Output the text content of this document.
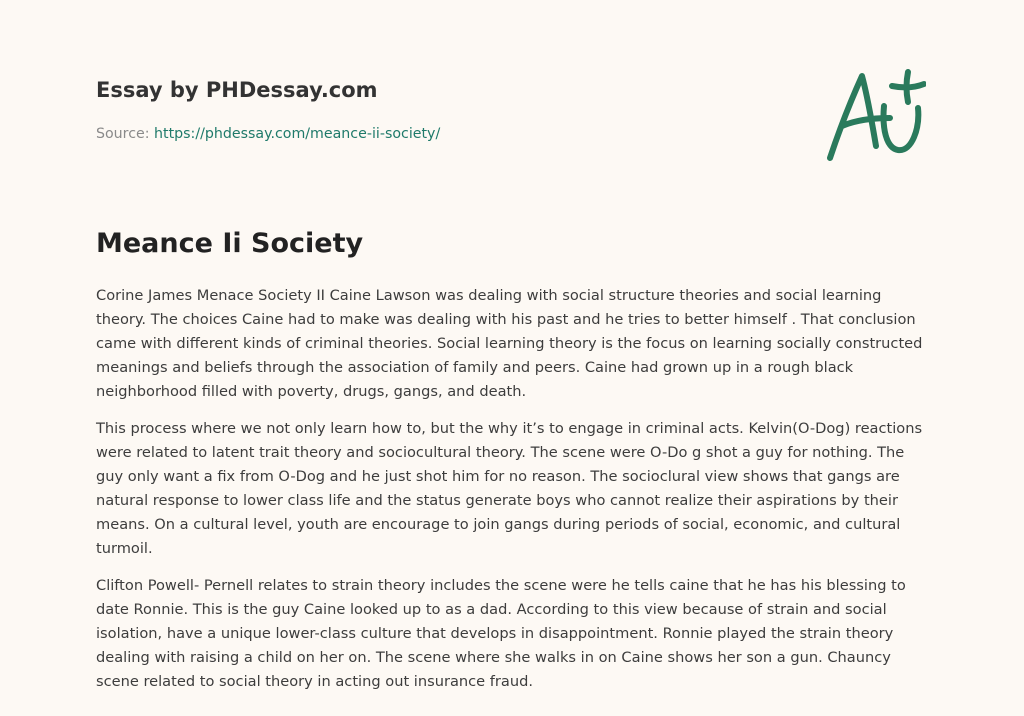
Essay by PHDessay.com
Source: https://phdessay.com/meance-ii-society/
Meance Ii Society

Corine James Menace Society II Caine Lawson was dealing with social structure theories and social learning theory. The choices Caine had to make was dealing with his past and he tries to better himself . That conclusion came with different kinds of criminal theories. Social learning theory is the focus on learning socially constructed meanings and beliefs through the association of family and peers. Caine had grown up in a rough black neighborhood filled with poverty, drugs, gangs, and death.

This process where we not only learn how to, but the why it’s to engage in criminal acts. Kelvin(O-Dog) reactions were related to latent trait theory and sociocultural theory. The scene were O-Do g shot a guy for nothing. The guy only want a fix from O-Dog and he just shot him for no reason. The socioclural view shows that gangs are natural response to lower class life and the status generate boys who cannot realize their aspirations by their means. On a cultural level, youth are encourage to join gangs during periods of social, economic, and cultural turmoil.

Clifton Powell- Pernell relates to strain theory includes the scene were he tells caine that he has his blessing to date Ronnie. This is the guy Caine looked up to as a dad. According to this view because of strain and social isolation, have a unique lower-class culture that develops in disappointment. Ronnie played the strain theory dealing with raising a child on her on. The scene where she walks in on Caine shows her son a gun. Chauncy scene related to social theory in acting out insurance fraud.
